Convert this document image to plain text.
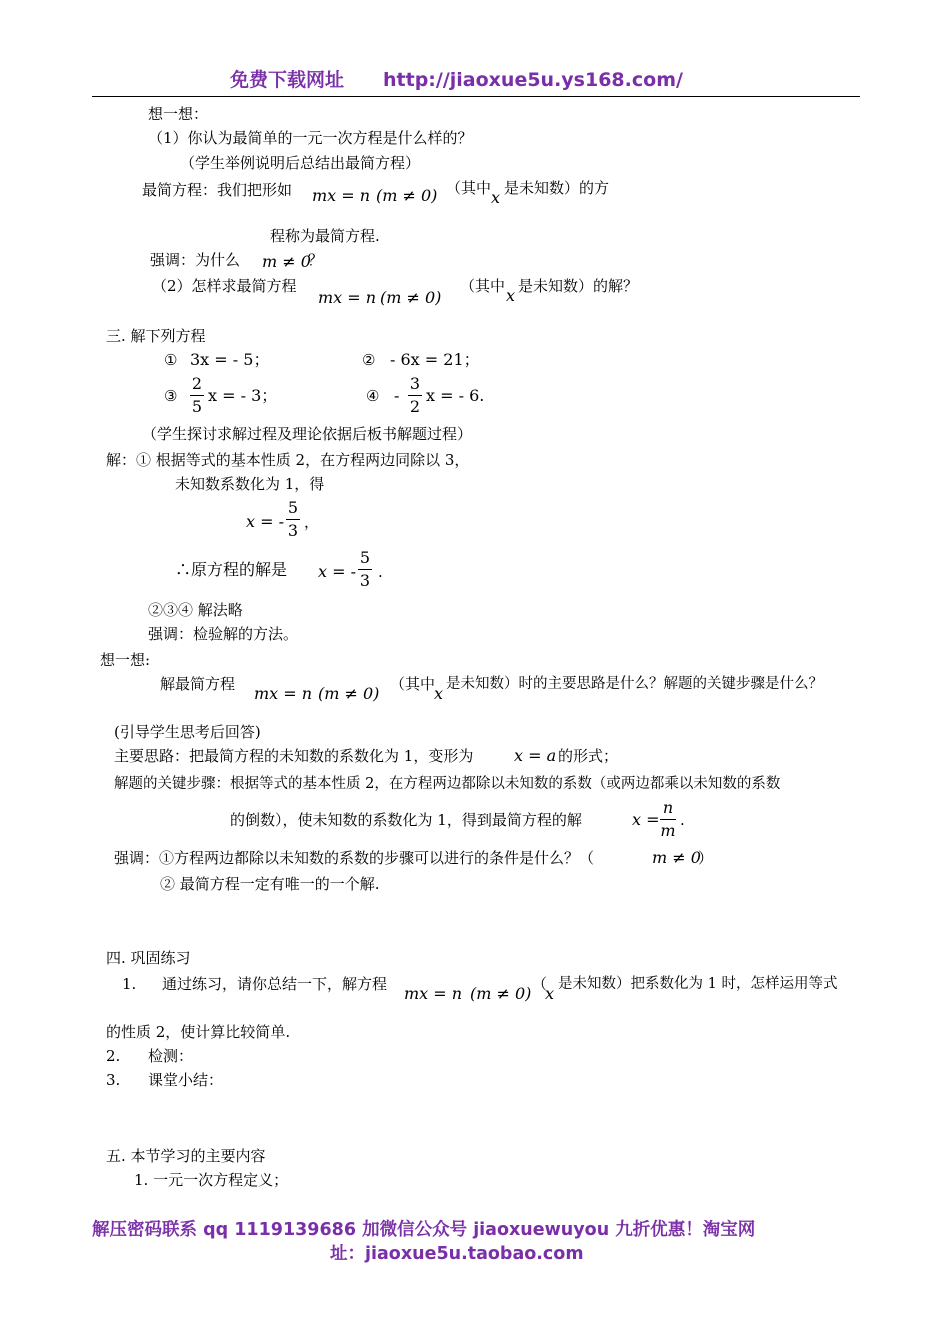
免费下载网址 http://jiaoxue5u.ys168.com/
想一想：
（1）你认为最简单的一元一次方程是什么样的？
（学生举例说明后总结出最简方程）
最简方程：我们把形如 mx = n (m ≠ 0) （其中 x 是未知数）的方
程称为最简方程.
强调：为什么 m ≠ 0
？
（2）怎样求最简方程
mx = n (m ≠ 0)
（其中 x 是未知数）的解？
三. 解下列方程
① 3x = - 5；	② - 6x = 21；
③
2
5
x = - 3；	④ -
3
2
x = - 6.
（学生探讨求解过程及理论依据后板书解题过程）
解：① 根据等式的基本性质 2，在方程两边同除以 3，
未知数系数化为 1，得
x = -
5
3 ，
∴原方程的解是 x = -
5
3 .
②③④ 解法略
强调：检验解的方法。
想一想:
解最简方程 mx = n (m ≠ 0) （其中
x 是未知数）时的主要思路是什么？解题的关键步骤是什么？
(引导学生思考后回答)
主要思路：把最简方程的未知数的系数化为 1，变形为	x = a 的形式；
解题的关键步骤：根据等式的基本性质 2，在方程两边都除以未知数的系数（或两边都乘以未知数的系数
的倒数），使未知数的系数化为 1，得到最简方程的解	x =
n
m
.
强调：①方程两边都除以未知数的系数的步骤可以进行的条件是什么？（	m ≠ 0
）
② 最简方程一定有唯一的一个解.
四. 巩固练习
1. 通过练习，请你总结一下，解方程 mx = n (m ≠ 0) （
x 是未知数）把系数化为 1 时，怎样运用等式
的性质 2，使计算比较简单.
2. 检测：
3. 课堂小结：
五. 本节学习的主要内容
1. 一元一次方程定义；
解压密码联系 qq 1119139686 加微信公众号 jiaoxuewuyou 九折优惠！淘宝网
址：jiaoxue5u.taobao.com
